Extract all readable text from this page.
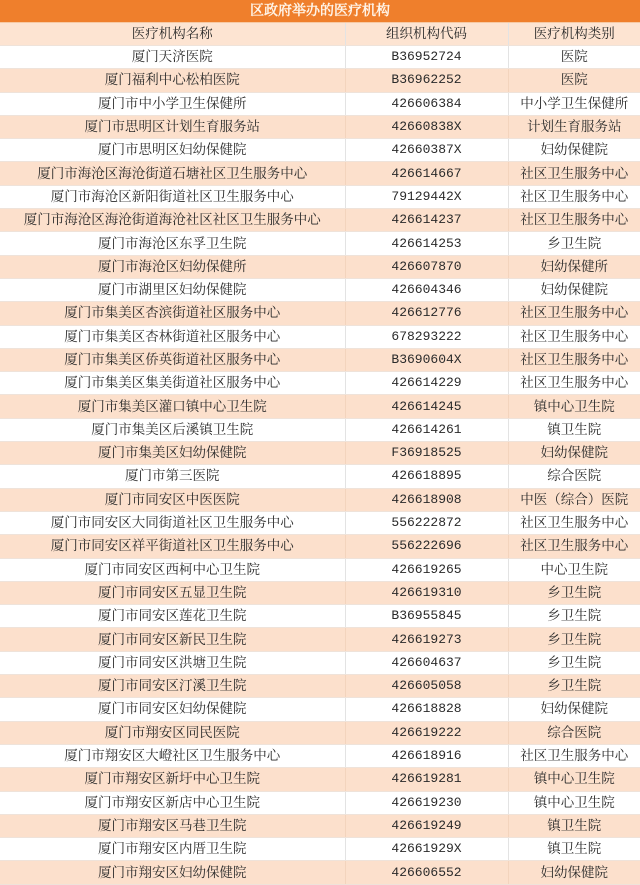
区政府举办的医疗机构
医疗机构名称	组织机构代码	医疗机构类别
厦门天济医院	B36952724	医院
厦门福利中心松柏医院	B36962252	医院
厦门市中小学卫生保健所	426606384	中小学卫生保健所
厦门市思明区计划生育服务站	42660838X	计划生育服务站
厦门市思明区妇幼保健院	42660387X	妇幼保健院
厦门市海沧区海沧街道石塘社区卫生服务中心	426614667	社区卫生服务中心
厦门市海沧区新阳街道社区卫生服务中心	79129442X	社区卫生服务中心
厦门市海沧区海沧街道海沧社区社区卫生服务中心	426614237	社区卫生服务中心
厦门市海沧区东孚卫生院	426614253	乡卫生院
厦门市海沧区妇幼保健所	426607870	妇幼保健所
厦门市湖里区妇幼保健院	426604346	妇幼保健院
厦门市集美区杏滨街道社区服务中心	426612776	社区卫生服务中心
厦门市集美区杏林街道社区服务中心	678293222	社区卫生服务中心
厦门市集美区侨英街道社区服务中心	B3690604X	社区卫生服务中心
厦门市集美区集美街道社区服务中心	426614229	社区卫生服务中心
厦门市集美区灌口镇中心卫生院	426614245	镇中心卫生院
厦门市集美区后溪镇卫生院	426614261	镇卫生院
厦门市集美区妇幼保健院	F36918525	妇幼保健院
厦门市第三医院	426618895	综合医院
厦门市同安区中医医院	426618908	中医（综合）医院
厦门市同安区大同街道社区卫生服务中心	556222872	社区卫生服务中心
厦门市同安区祥平街道社区卫生服务中心	556222696	社区卫生服务中心
厦门市同安区西柯中心卫生院	426619265	中心卫生院
厦门市同安区五显卫生院	426619310	乡卫生院
厦门市同安区莲花卫生院	B36955845	乡卫生院
厦门市同安区新民卫生院	426619273	乡卫生院
厦门市同安区洪塘卫生院	426604637	乡卫生院
厦门市同安区汀溪卫生院	426605058	乡卫生院
厦门市同安区妇幼保健院	426618828	妇幼保健院
厦门市翔安区同民医院	426619222	综合医院
厦门市翔安区大嶝社区卫生服务中心	426618916	社区卫生服务中心
厦门市翔安区新圩中心卫生院	426619281	镇中心卫生院
厦门市翔安区新店中心卫生院	426619230	镇中心卫生院
厦门市翔安区马巷卫生院	426619249	镇卫生院
厦门市翔安区内厝卫生院	42661929X	镇卫生院
厦门市翔安区妇幼保健院	426606552	妇幼保健院
